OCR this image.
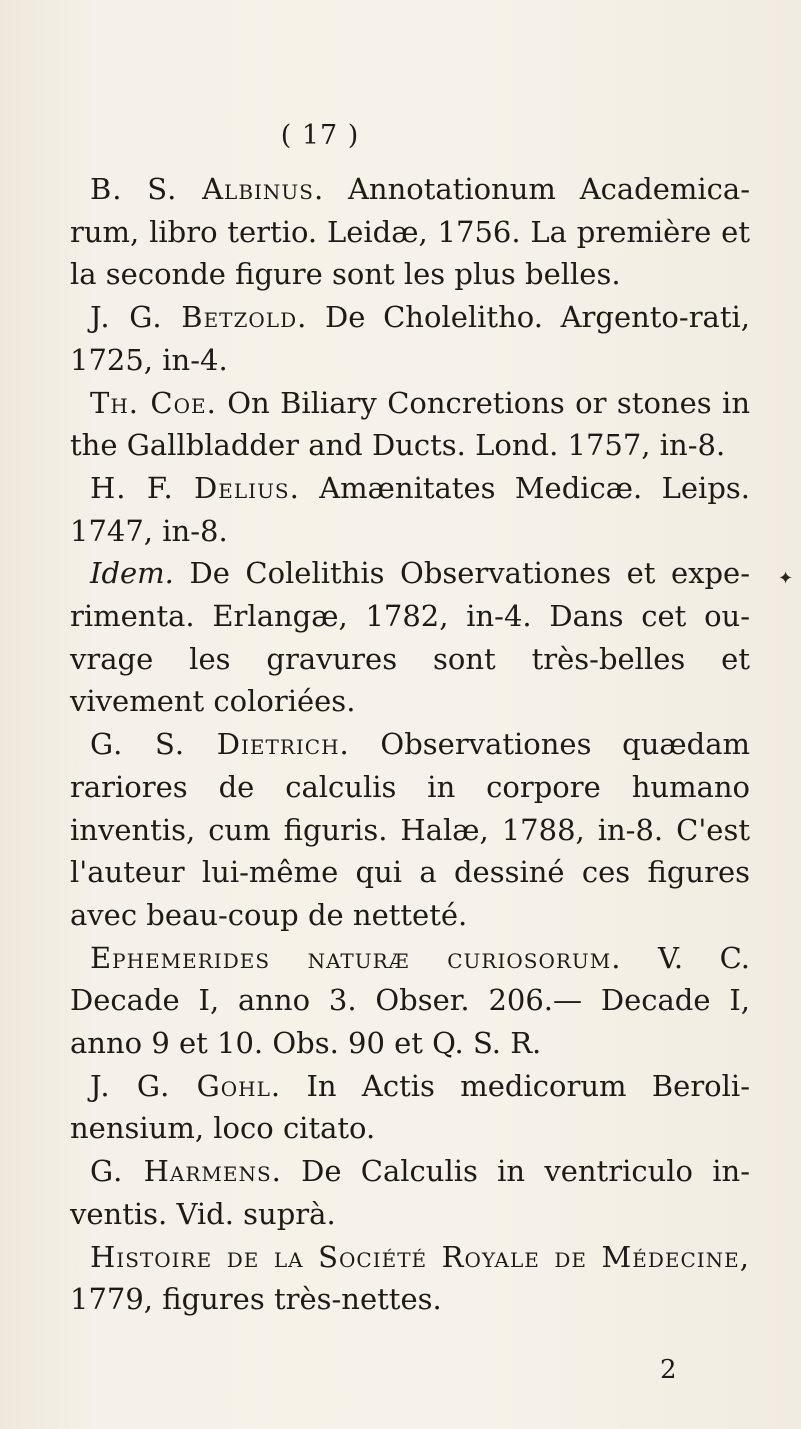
( 17 )

B. S. Albinus. Annotationum Academica-rum, libro tertio. Leidæ, 1756. La première et la seconde figure sont les plus belles.

J. G. Betzold. De Cholelitho. Argento-rati, 1725, in-4.

Th. Coe. On Biliary Concretions or stones in the Gallbladder and Ducts. Lond. 1757, in-8.

H. F. Delius. Amænitates Medicæ. Leips. 1747, in-8.

Idem. De Colelithis Observationes et expe-rimenta. Erlangæ, 1782, in-4. Dans cet ou-vrage les gravures sont très-belles et vivement coloriées.

G. S. Dietrich. Observationes quædam rariores de calculis in corpore humano inventis, cum figuris. Halæ, 1788, in-8. C'est l'auteur lui-même qui a dessiné ces figures avec beau-coup de netteté.

Ephemerides naturæ curiosorum. V. C. Decade I, anno 3. Obser. 206.— Decade I, anno 9 et 10. Obs. 90 et Q. S. R.

J. G. Gohl. In Actis medicorum Beroli-nensium, loco citato.

G. Harmens. De Calculis in ventriculo in-ventis. Vid. suprà.

Histoire de la Société Royale de Médecine, 1779, figures très-nettes.

2
✦
